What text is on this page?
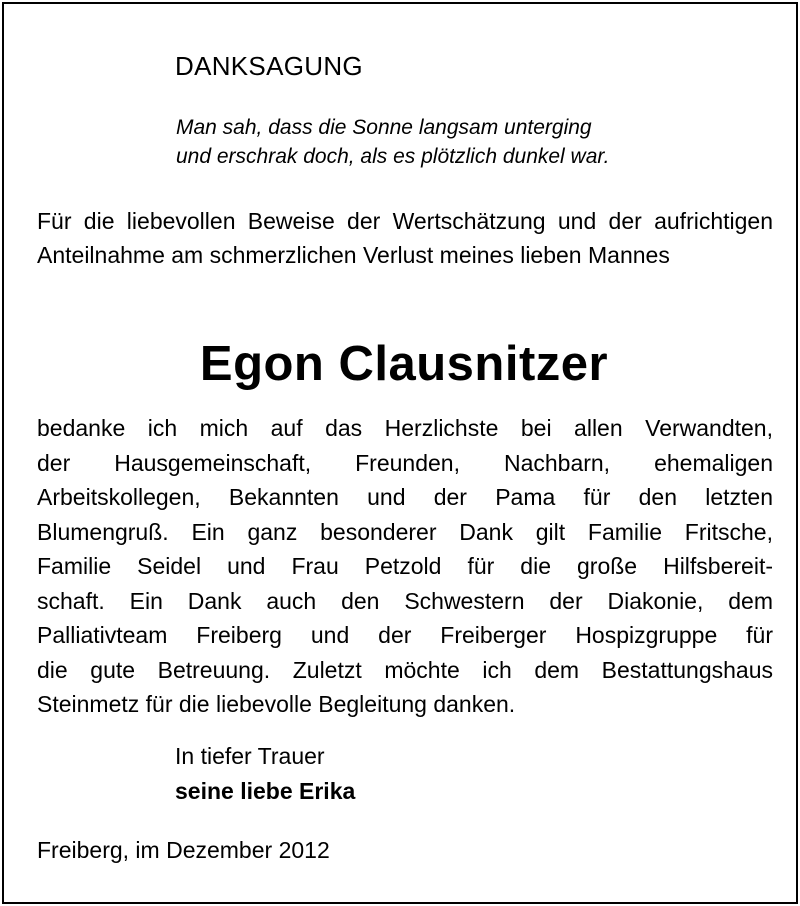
DANKSAGUNG
Man sah, dass die Sonne langsam unterging
und erschrak doch, als es plötzlich dunkel war.
Für die liebevollen Beweise der Wertschätzung und der aufrichtigen Anteilnahme am schmerzlichen Verlust meines lieben Mannes
Egon Clausnitzer
bedanke ich mich auf das Herzlichste bei allen Verwandten,
der Hausgemeinschaft, Freunden, Nachbarn, ehemaligen
Arbeitskollegen, Bekannten und der Pama für den letzten
Blumengruß. Ein ganz besonderer Dank gilt Familie Fritsche,
Familie Seidel und Frau Petzold für die große Hilfsbereit-
schaft. Ein Dank auch den Schwestern der Diakonie, dem
Palliativteam Freiberg und der Freiberger Hospizgruppe für
die gute Betreuung. Zuletzt möchte ich dem Bestattungshaus
Steinmetz für die liebevolle Begleitung danken.
In tiefer Trauer
seine liebe Erika
Freiberg, im Dezember 2012
